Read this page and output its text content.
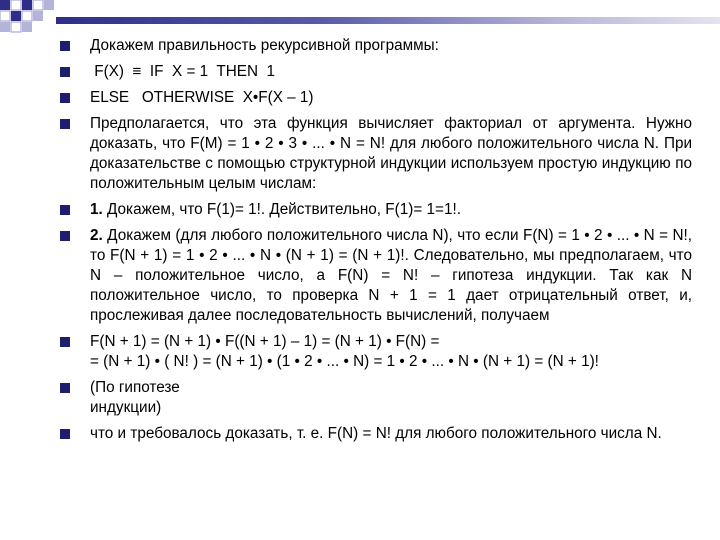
Докажем правильность рекурсивной программы:
F(X)  ≡  IF  X = 1  THEN  1
ELSE   OTHERWISE  X•F(X – 1)
Предполагается, что эта функция вычисляет факториал от аргумента. Нужно доказать, что F(M) = 1 • 2 • 3 • ... • N = N! для любого положительного числа N. При доказательстве с помощью структурной индукции используем простую индукцию по положительным целым числам:
1. Докажем, что F(1)= 1!. Действительно, F(1)= 1=1!.
2. Докажем (для любого положительного числа N), что если F(N) = 1 • 2 • ... • N = N!, то F(N + 1) = 1 • 2 • ... • N • (N + 1) = (N + 1)!. Следовательно, мы предполагаем, что N – положительное число, а F(N) = N! – гипотеза индукции. Так как N положительное число, то проверка N + 1 = 1 дает отрицательный ответ, и, прослеживая далее последовательность вычислений, получаем
F(N + 1) = (N + 1) • F((N + 1) – 1) = (N + 1) • F(N) =
= (N + 1) • ( N! ) = (N + 1) • (1 • 2 • ... • N) = 1 • 2 • ... • N • (N + 1) = (N + 1)!
(По гипотезе
индукции)
что и требовалось доказать, т. е. F(N) = N! для любого положительного числа N.
